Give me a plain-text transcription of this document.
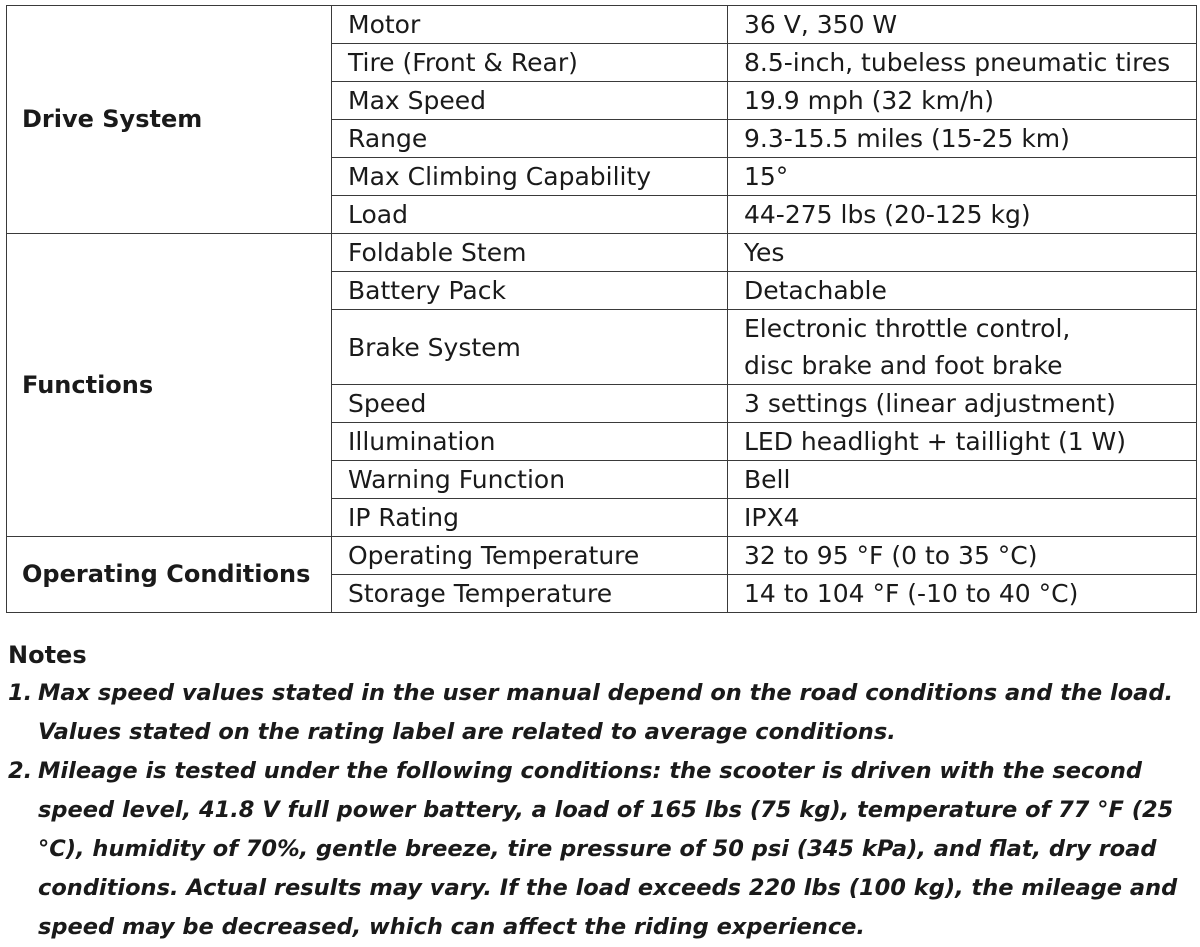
Drive System	Motor	36 V, 350 W
	Tire (Front & Rear)	8.5-inch, tubeless pneumatic tires
	Max Speed	19.9 mph (32 km/h)
	Range	9.3-15.5 miles (15-25 km)
	Max Climbing Capability	15°
	Load	44-275 lbs (20-125 kg)
Functions	Foldable Stem	Yes
	Battery Pack	Detachable
	Brake System	Electronic throttle control,
disc brake and foot brake

	Speed	3 settings (linear adjustment)
	Illumination	LED headlight + taillight (1 W)
	Warning Function	Bell
	IP Rating	IPX4
Operating Conditions	Operating Temperature	32 to 95 °F (0 to 35 °C)
	Storage Temperature	14 to 104 °F (-10 to 40 °C)
Notes
1. Max speed values stated in the user manual depend on the road conditions and the load. Values stated on the rating label are related to average conditions.
2. Mileage is tested under the following conditions: the scooter is driven with the second speed level, 41.8 V full power battery, a load of 165 lbs (75 kg), temperature of 77 °F (25 °C), humidity of 70%, gentle breeze, tire pressure of 50 psi (345 kPa), and flat, dry road conditions. Actual results may vary. If the load exceeds 220 lbs (100 kg), the mileage and speed may be decreased, which can affect the riding experience.
